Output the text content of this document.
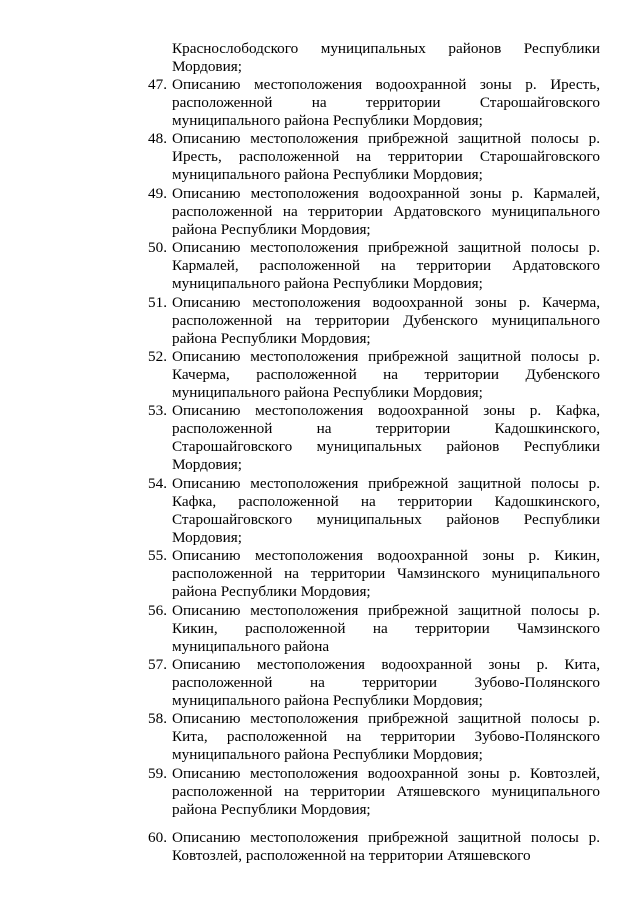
Краснослободского муниципальных районов Республики Мордовия;

47. Описанию местоположения водоохранной зоны р. Иресть, расположенной на территории Старошайговского муниципального района Республики Мордовия;
48. Описанию местоположения прибрежной защитной полосы р. Иресть, расположенной на территории Старошайговского муниципального района Республики Мордовия;
49. Описанию местоположения водоохранной зоны р. Кармалей, расположенной на территории Ардатовского муниципального района Республики Мордовия;
50. Описанию местоположения прибрежной защитной полосы р. Кармалей, расположенной на территории Ардатовского муниципального района Республики Мордовия;
51. Описанию местоположения водоохранной зоны р. Качерма, расположенной на территории Дубенского муниципального района Республики Мордовия;
52. Описанию местоположения прибрежной защитной полосы р. Качерма, расположенной на территории Дубенского муниципального района Республики Мордовия;
53. Описанию местоположения водоохранной зоны р. Кафка, расположенной на территории Кадошкинского, Старошайговского муниципальных районов Республики Мордовия;
54. Описанию местоположения прибрежной защитной полосы р. Кафка, расположенной на территории Кадошкинского, Старошайговского муниципальных районов Республики Мордовия;
55. Описанию местоположения водоохранной зоны р. Кикин, расположенной на территории Чамзинского муниципального района Республики Мордовия;
56. Описанию местоположения прибрежной защитной полосы р. Кикин, расположенной на территории Чамзинского муниципального района
57. Описанию местоположения водоохранной зоны р. Кита, расположенной на территории Зубово-Полянского муниципального района Республики Мордовия;
58. Описанию местоположения прибрежной защитной полосы р. Кита, расположенной на территории Зубово-Полянского муниципального района Республики Мордовия;
59. Описанию местоположения водоохранной зоны р. Ковтозлей, расположенной на территории Атяшевского муниципального района Республики Мордовия;
60. Описанию местоположения прибрежной защитной полосы р. Ковтозлей, расположенной на территории Атяшевского
